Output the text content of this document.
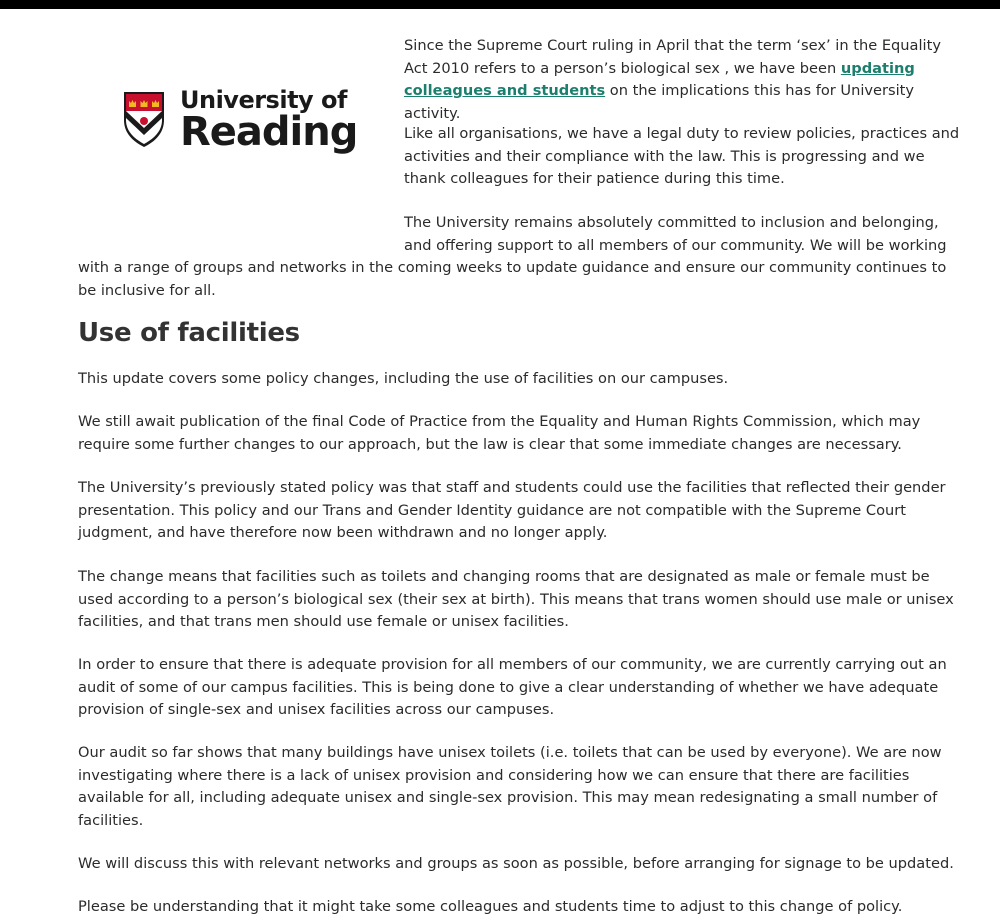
University of
Reading

Since the Supreme Court ruling in April that the term ‘sex’ in the Equality Act 2010 refers to a person’s biological sex , we have been updating colleagues and students on the implications this has for University activity.

Like all organisations, we have a legal duty to review policies, practices and activities and their compliance with the law. This is progressing and we thank colleagues for their patience during this time.

The University remains absolutely committed to inclusion and belonging, and offering support to all members of our community. We will be working

with a range of groups and networks in the coming weeks to update guidance and ensure our community continues to be inclusive for all.

Use of facilities

This update covers some policy changes, including the use of facilities on our campuses.

We still await publication of the final Code of Practice from the Equality and Human Rights Commission, which may require some further changes to our approach, but the law is clear that some immediate changes are necessary.

The University’s previously stated policy was that staff and students could use the facilities that reflected their gender presentation. This policy and our Trans and Gender Identity guidance are not compatible with the Supreme Court judgment, and have therefore now been withdrawn and no longer apply.

The change means that facilities such as toilets and changing rooms that are designated as male or female must be used according to a person’s biological sex (their sex at birth). This means that trans women should use male or unisex facilities, and that trans men should use female or unisex facilities.

In order to ensure that there is adequate provision for all members of our community, we are currently carrying out an audit of some of our campus facilities. This is being done to give a clear understanding of whether we have adequate provision of single-sex and unisex facilities across our campuses.

Our audit so far shows that many buildings have unisex toilets (i.e. toilets that can be used by everyone). We are now investigating where there is a lack of unisex provision and considering how we can ensure that there are facilities available for all, including adequate unisex and single-sex provision. This may mean redesignating a small number of facilities.

We will discuss this with relevant networks and groups as soon as possible, before arranging for signage to be updated.

Please be understanding that it might take some colleagues and students time to adjust to this change of policy.
